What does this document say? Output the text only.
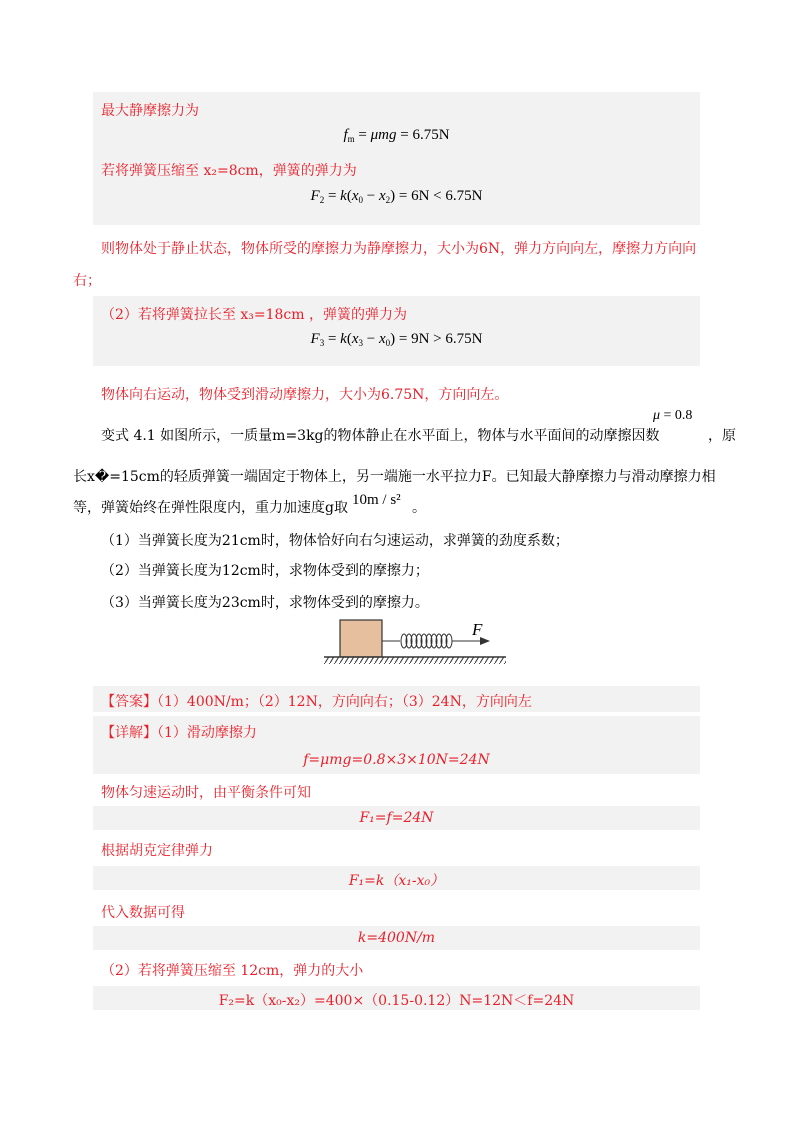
最大静摩擦力为
$f_m = \mu mg = 6.75N$
若将弹簧压缩至 x₂=8cm，弹簧的弹力为
$F_2 = k(x_0 - x_2) = 6N < 6.75N$
则物体处于静止状态，物体所受的摩擦力为静摩擦力，大小为6N，弹力方向向左，摩擦力方向向
右；
（2）若将弹簧拉长至 x₃=18cm ，弹簧的弹力为
$F_3 = k(x_3 - x_0) = 9N > 6.75N$
物体向右运动，物体受到滑动摩擦力，大小为6.75N，方向向左。
μ = 0.8
变式 4.1 如图所示，一质量m=3kg的物体静止在水平面上，物体与水平面间的动摩擦因数	，原
长x�=15cm的轻质弹簧一端固定于物体上，另一端施一水平拉力F。已知最大静摩擦力与滑动摩擦力相
等，弹簧始终在弹性限度内，重力加速度g取 10m / s² 。
（1）当弹簧长度为21cm时，物体恰好向右匀速运动，求弹簧的劲度系数；
（2）当弹簧长度为12cm时，求物体受到的摩擦力；
（3）当弹簧长度为23cm时，求物体受到的摩擦力。
F
【答案】（1）400N/m；（2）12N，方向向右；（3）24N，方向向左
【详解】（1）滑动摩擦力
f=μmg=0.8×3×10N=24N
物体匀速运动时，由平衡条件可知
F₁=f=24N
根据胡克定律弹力
F₁=k（x₁-x₀）
代入数据可得
k=400N/m
（2）若将弹簧压缩至 12cm，弹力的大小
F₂=k（x₀-x₂）=400×（0.15-0.12）N=12N＜f=24N
